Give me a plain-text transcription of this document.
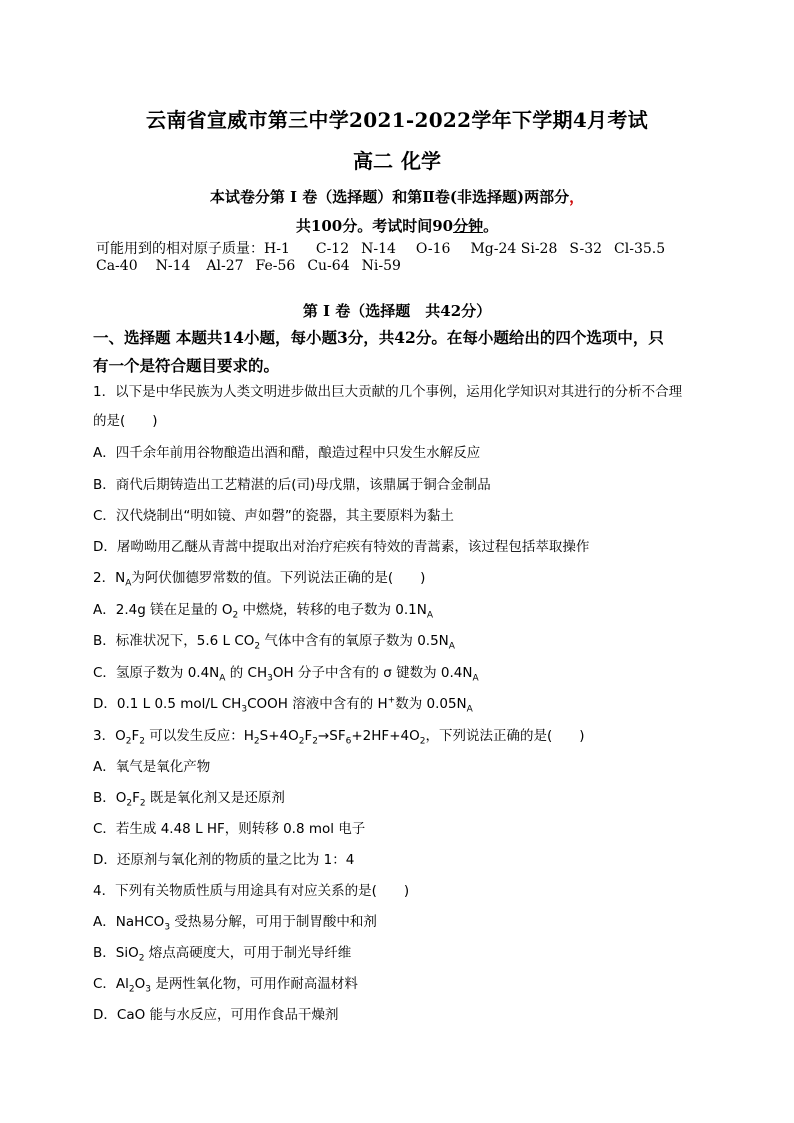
云南省宣威市第三中学2021-2022学年下学期4月考试
高二 化学
本试卷分第 I 卷（选择题）和第Ⅱ卷(非选择题)两部分，
共100分。考试时间90分钟。
可能用到的相对原子质量：H-1 C-12 N-14 O-16 Mg-24 Si-28 S-32 Cl-35.5
Ca-40 N-14 Al-27 Fe-56 Cu-64 Ni-59
第 I 卷（选择题　共42分）
一、选择题 本题共14小题，每小题3分，共42分。在每小题给出的四个选项中，只
有一个是符合题目要求的。
1．以下是中华民族为人类文明进步做出巨大贡献的几个事例，运用化学知识对其进行的分析不合理
的是(　　)
A．四千余年前用谷物酿造出酒和醋，酿造过程中只发生水解反应
B．商代后期铸造出工艺精湛的后(司)母戊鼎，该鼎属于铜合金制品
C．汉代烧制出“明如镜、声如磬”的瓷器，其主要原料为黏土
D．屠呦呦用乙醚从青蒿中提取出对治疗疟疾有特效的青蒿素，该过程包括萃取操作
2．$N_A$为阿伏伽德罗常数的值。下列说法正确的是(　　)
A．2.4g 镁在足量的 $O_2$ 中燃烧，转移的电子数为 $0.1N_A$
B．标准状况下，5.6 L $CO_2$ 气体中含有的氧原子数为 $0.5N_A$
C．氢原子数为 $0.4N_A$ 的 $CH_3OH$ 分子中含有的 σ 键数为 $0.4N_A$
D．0.1 L 0.5 mol/L $CH_3COOH$ 溶液中含有的 H+数为 $0.05N_A$
3．$O_2F_2$ 可以发生反应：$H_2S+4O_2F_2\to SF_6+2HF+4O_2$，下列说法正确的是(　　)
A．氧气是氧化产物
B．$O_2F_2$ 既是氧化剂又是还原剂
C．若生成 4.48 L HF，则转移 0.8 mol 电子
D．还原剂与氧化剂的物质的量之比为 1：4
4．下列有关物质性质与用途具有对应关系的是(　　)
A．NaHCO$_3$ 受热易分解，可用于制胃酸中和剂
B．SiO$_2$ 熔点高硬度大，可用于制光导纤维
C．$Al_2O_3$ 是两性氧化物，可用作耐高温材料
D．CaO 能与水反应，可用作食品干燥剂
